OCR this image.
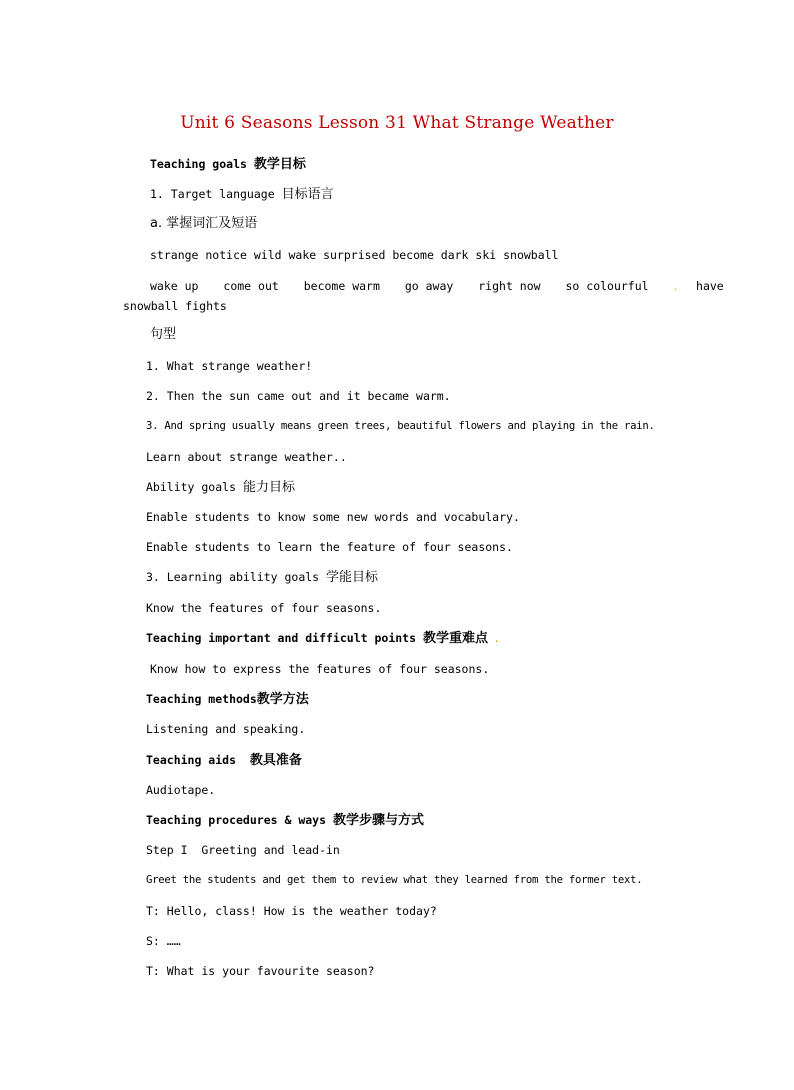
Unit 6 Seasons Lesson 31 What Strange Weather
Teaching goals 教学目标
1. Target language 目标语言
a. 掌握词汇及短语
strange notice wild wake surprised become dark ski snowball
wake up come out become warm go away right now so colourful	. have
snowball fights
句型
1. What strange weather!
2. Then the sun came out and it became warm.
3. And spring usually means green trees, beautiful flowers and playing in the rain.
Learn about strange weather..
Ability goals 能力目标
Enable students to know some new words and vocabulary.
Enable students to learn the feature of four seasons.
3. Learning ability goals 学能目标
Know the features of four seasons.
Teaching important and difficult points 教学重难点 .
Know how to express the features of four seasons.
Teaching methods教学方法
Listening and speaking.
Teaching aids 教具准备
Audiotape.
Teaching procedures & ways 教学步骤与方式
Step I  Greeting and lead-in
Greet the students and get them to review what they learned from the former text.
T: Hello, class! How is the weather today?
S: ……
T: What is your favourite season?
